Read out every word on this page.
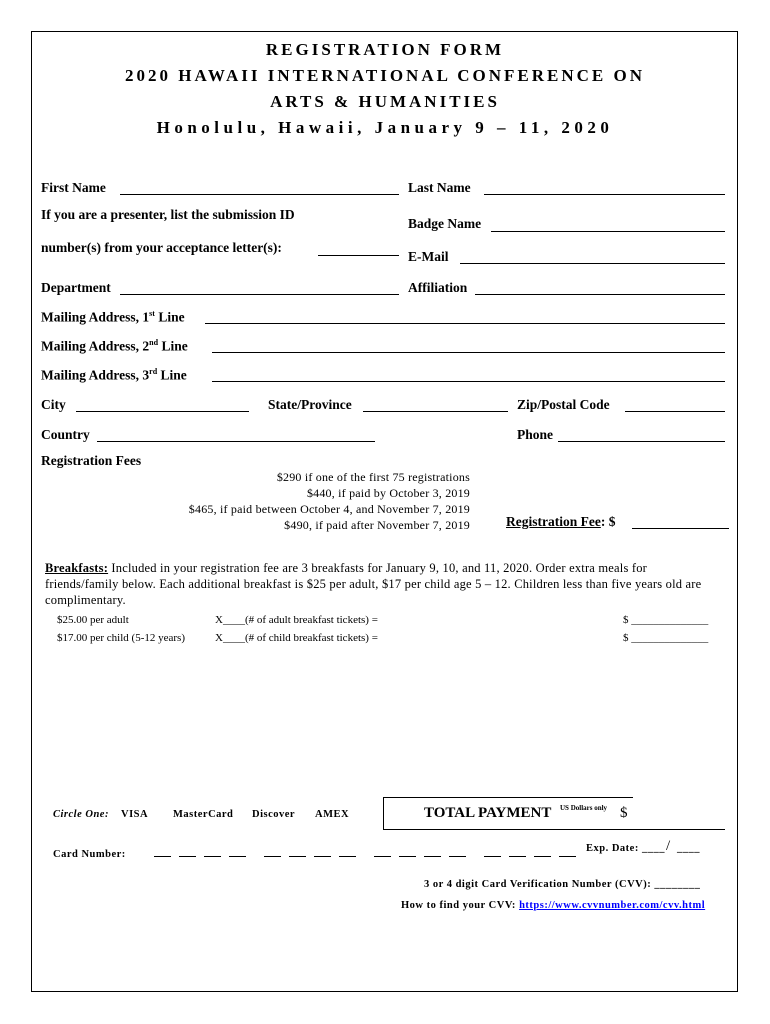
REGISTRATION FORM
2020 HAWAII INTERNATIONAL CONFERENCE ON
ARTS & HUMANITIES
Honolulu, Hawaii, January 9 – 11, 2020
First Name	Last Name
If you are a presenter, list the submission ID
Badge Name
number(s) from your acceptance letter(s):
E-Mail
Department	Affiliation
Mailing Address, 1st Line
Mailing Address, 2nd Line
Mailing Address, 3rd Line
City	State/Province	Zip/Postal Code
Country	Phone
Registration Fees
$290 if one of the first 75 registrations
$440, if paid by October 3, 2019
$465, if paid between October 4, and November 7, 2019
$490, if paid after November 7, 2019	Registration Fee: $
Breakfasts: Included in your registration fee are 3 breakfasts for January 9, 10, and 11, 2020. Order extra meals for friends/family below. Each additional breakfast is $25 per adult, $17 per child age 5 – 12. Children less than five years old are complimentary.
$25.00 per adult	X____(# of adult breakfast tickets) =	$ ______________
$17.00 per child (5-12 years)	X____(# of child breakfast tickets) =	$ ______________
Circle One: VISA MasterCard Discover AMEX	TOTAL PAYMENT US Dollars only $
Card Number:
Exp. Date: ____ / ____
3 or 4 digit Card Verification Number (CVV): ________
How to find your CVV: https://www.cvvnumber.com/cvv.html
